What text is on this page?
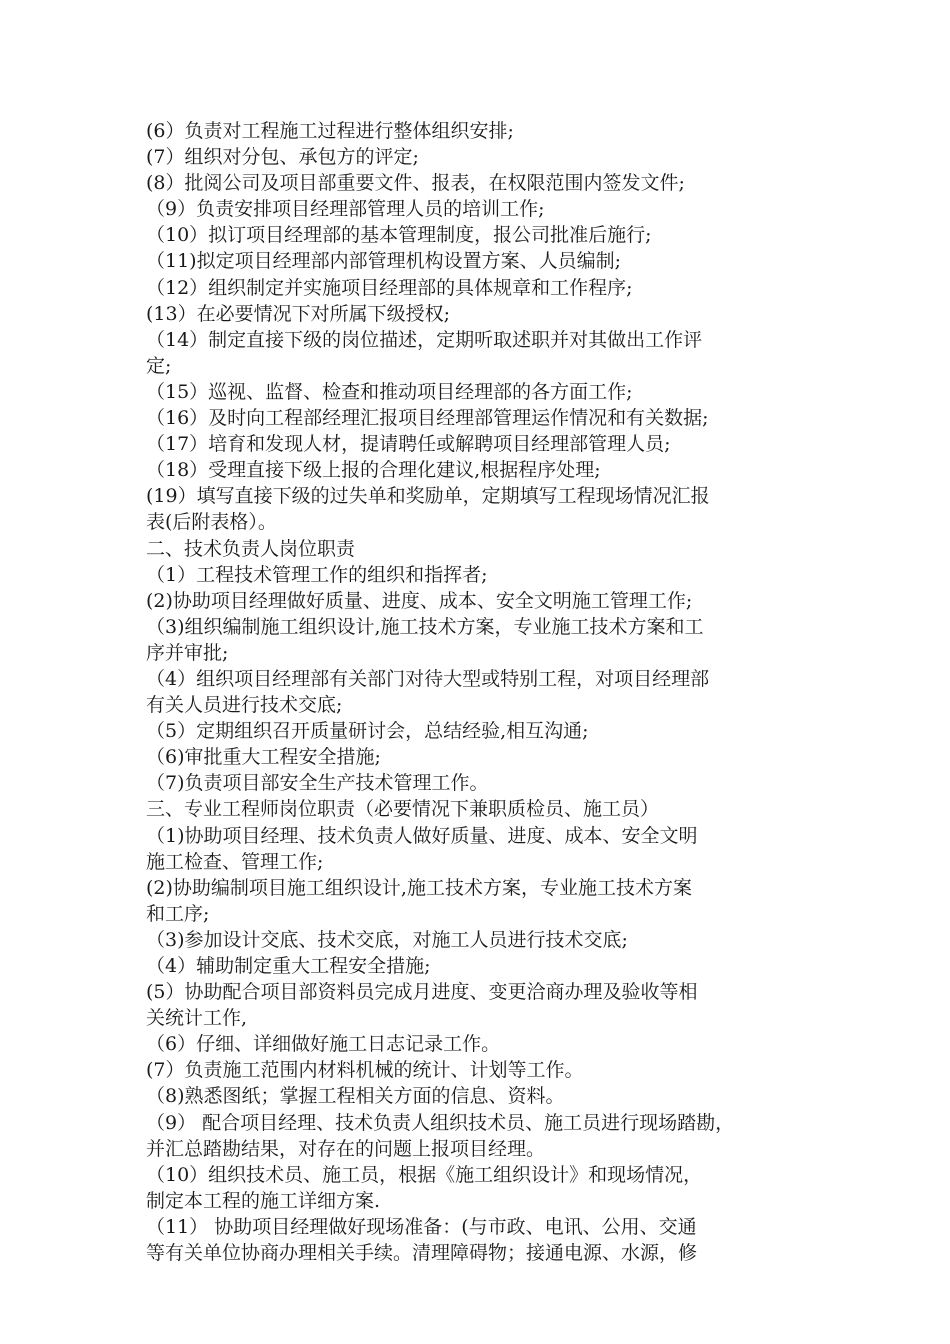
(6）负责对工程施工过程进行整体组织安排;
(7）组织对分包、承包方的评定;
(8）批阅公司及项目部重要文件、报表，在权限范围内签发文件;
（9）负责安排项目经理部管理人员的培训工作;
（10）拟订项目经理部的基本管理制度，报公司批准后施行;
（11)拟定项目经理部内部管理机构设置方案、人员编制;
（12）组织制定并实施项目经理部的具体规章和工作程序;
(13）在必要情况下对所属下级授权;
（14）制定直接下级的岗位描述，定期听取述职并对其做出工作评
定;
（15）巡视、监督、检查和推动项目经理部的各方面工作;
（16）及时向工程部经理汇报项目经理部管理运作情况和有关数据;
（17）培育和发现人材，提请聘任或解聘项目经理部管理人员;
（18）受理直接下级上报的合理化建议,根据程序处理;
(19）填写直接下级的过失单和奖励单，定期填写工程现场情况汇报
表(后附表格）。
二、技术负责人岗位职责
（1）工程技术管理工作的组织和指挥者;
(2)协助项目经理做好质量、进度、成本、安全文明施工管理工作;
（3)组织编制施工组织设计,施工技术方案，专业施工技术方案和工
序并审批;
（4）组织项目经理部有关部门对待大型或特别工程，对项目经理部
有关人员进行技术交底;
（5）定期组织召开质量研讨会，总结经验,相互沟通;
（6)审批重大工程安全措施;
（7)负责项目部安全生产技术管理工作。
三、专业工程师岗位职责（必要情况下兼职质检员、施工员）
（1)协助项目经理、技术负责人做好质量、进度、成本、安全文明
施工检查、管理工作;
(2)协助编制项目施工组织设计,施工技术方案，专业施工技术方案
和工序;
（3)参加设计交底、技术交底，对施工人员进行技术交底;
（4）辅助制定重大工程安全措施;
(5）协助配合项目部资料员完成月进度、变更洽商办理及验收等相
关统计工作,
（6）仔细、详细做好施工日志记录工作。
(7）负责施工范围内材料机械的统计、计划等工作。
（8)熟悉图纸；掌握工程相关方面的信息、资料。
（9） 配合项目经理、技术负责人组织技术员、施工员进行现场踏勘，
并汇总踏勘结果，对存在的问题上报项目经理。
（10）组织技术员、施工员，根据《施工组织设计》和现场情况，
制定本工程的施工详细方案.
（11） 协助项目经理做好现场准备：(与市政、电讯、公用、交通
等有关单位协商办理相关手续。清理障碍物；接通电源、水源，修
